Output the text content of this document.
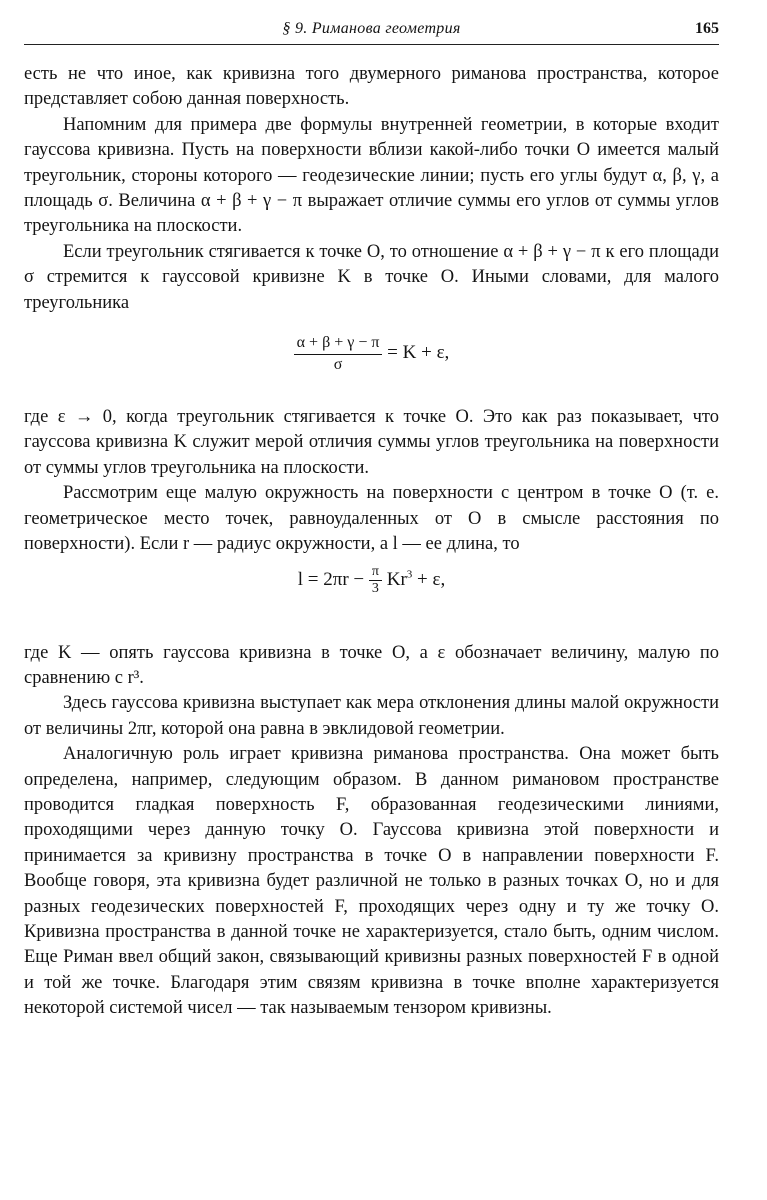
§ 9. Риманова геометрия	165

есть не что иное, как кривизна того двумерного риманова пространства, которое представляет собою данная поверхность.

Напомним для примера две формулы внутренней геометрии, в которые входит гауссова кривизна. Пусть на поверхности вблизи какой-либо точки O имеется малый треугольник, стороны которого — геодезические линии; пусть его углы будут α, β, γ, а площадь σ. Величина α + β + γ − π выражает отличие суммы его углов от суммы углов треугольника на плоскости.

Если треугольник стягивается к точке O, то отношение α + β + γ − π к его площади σ стремится к гауссовой кривизне K в точке O. Иными словами, для малого треугольника

$\frac{\alpha + \beta + \gamma - \pi}{\sigma} = K + \varepsilon$,

где ε → 0, когда треугольник стягивается к точке O. Это как раз показывает, что гауссова кривизна K служит мерой отличия суммы углов треугольника на поверхности от суммы углов треугольника на плоскости.

Рассмотрим еще малую окружность на поверхности с центром в точке O (т. е. геометрическое место точек, равноудаленных от O в смысле расстояния по поверхности). Если r — радиус окружности, а l — ее длина, то

$l = 2\pi r - \frac{\pi}{3} Kr^3 + \varepsilon$,

где K — опять гауссова кривизна в точке O, а ε обозначает величину, малую по сравнению с r³.

Здесь гауссова кривизна выступает как мера отклонения длины малой окружности от величины 2πr, которой она равна в эвклидовой геометрии.

Аналогичную роль играет кривизна риманова пространства. Она может быть определена, например, следующим образом. В данном римановом пространстве проводится гладкая поверхность F, образованная геодезическими линиями, проходящими через данную точку O. Гауссова кривизна этой поверхности и принимается за кривизну пространства в точке O в направлении поверхности F. Вообще говоря, эта кривизна будет различной не только в разных точках O, но и для разных геодезических поверхностей F, проходящих через одну и ту же точку O. Кривизна пространства в данной точке не характеризуется, стало быть, одним числом. Еще Риман ввел общий закон, связывающий кривизны разных поверхностей F в одной и той же точке. Благодаря этим связям кривизна в точке вполне характеризуется некоторой системой чисел — так называемым тензором кривизны.
